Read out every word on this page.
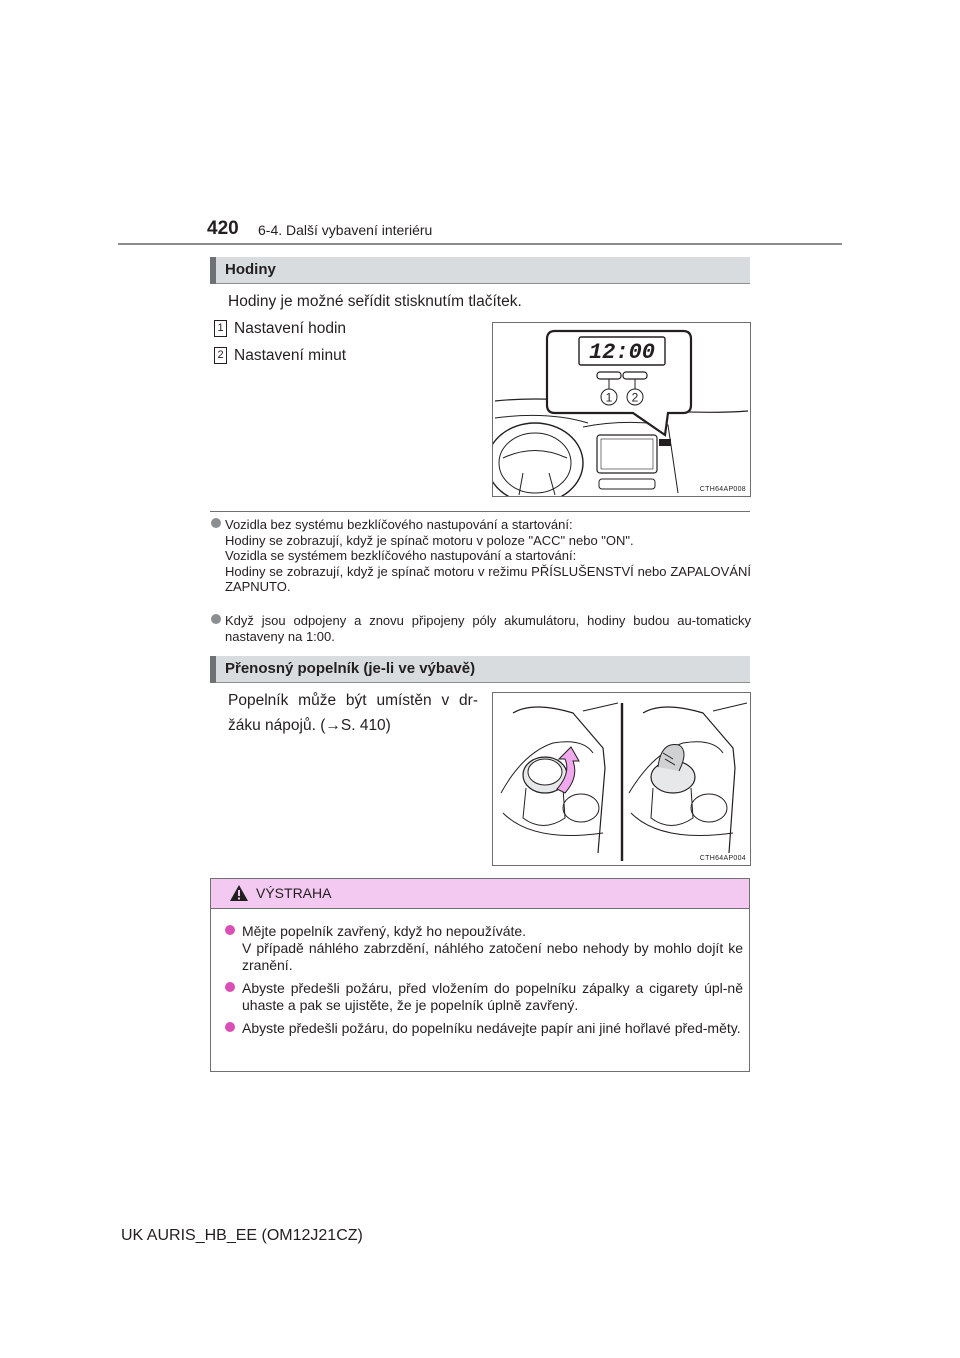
420 6-4. Další vybavení interiéru
Hodiny
Hodiny je možné seřídit stisknutím tlačítek.
1 Nastavení hodin
2 Nastavení minut	12:00
1 2
CTH64AP008

Vozidla bez systému bezklíčového nastupování a startování:

Hodiny se zobrazují, když je spínač motoru v poloze "ACC" nebo "ON".

Vozidla se systémem bezklíčového nastupování a startování:

Hodiny se zobrazují, když je spínač motoru v režimu PŘÍSLUŠENSTVÍ nebo ZAPALOVÁNÍ ZAPNUTO.

Když jsou odpojeny a znovu připojeny póly akumulátoru, hodiny budou au-tomaticky nastaveny na 1:00.

Přenosný popelník (je-li ve výbavě)
Popelník může být umístěn v dr-
žáku nápojů. (→S. 410)
CTH64AP004
VÝSTRAHA

Mějte popelník zavřený, když ho nepoužíváte.

V případě náhlého zabrzdění, náhlého zatočení nebo nehody by mohlo dojít ke zranění.

Abyste předešli požáru, před vložením do popelníku zápalky a cigarety úpl-ně uhaste a pak se ujistěte, že je popelník úplně zavřený.

Abyste předešli požáru, do popelníku nedávejte papír ani jiné hořlavé před-měty.

UK AURIS_HB_EE (OM12J21CZ)
